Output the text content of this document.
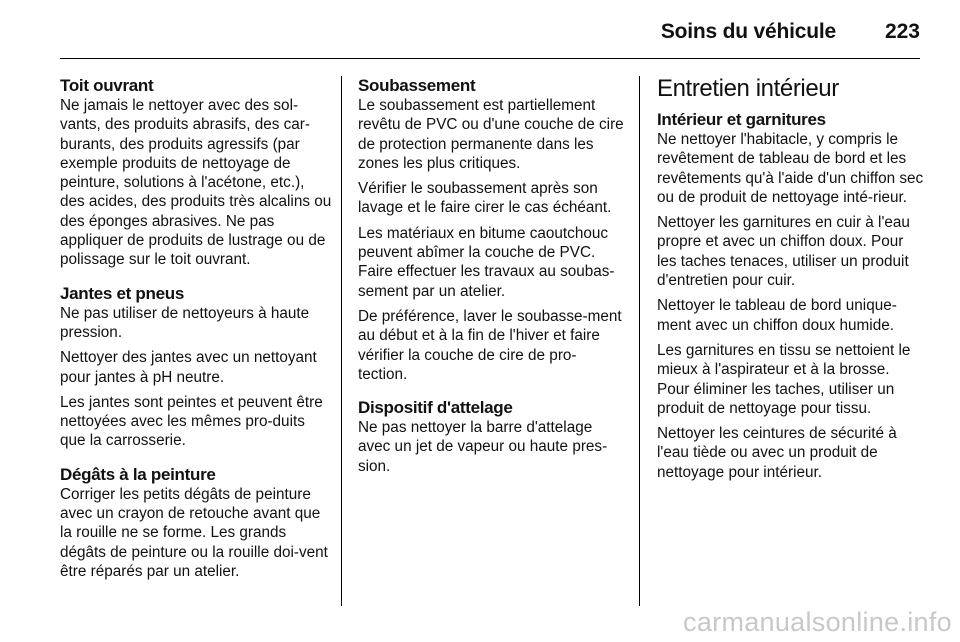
Soins du véhicule 223
Toit ouvrant

Ne jamais le nettoyer avec des sol-vants, des produits abrasifs, des car-burants, des produits agressifs (par exemple produits de nettoyage de peinture, solutions à l'acétone, etc.), des acides, des produits très alcalins ou des éponges abrasives. Ne pas appliquer de produits de lustrage ou de polissage sur le toit ouvrant.

Jantes et pneus

Ne pas utiliser de nettoyeurs à haute pression.

Nettoyer des jantes avec un nettoyant pour jantes à pH neutre.

Les jantes sont peintes et peuvent être nettoyées avec les mêmes pro-duits que la carrosserie.

Dégâts à la peinture

Corriger les petits dégâts de peinture avec un crayon de retouche avant que la rouille ne se forme. Les grands dégâts de peinture ou la rouille doi-vent être réparés par un atelier.

Soubassement

Le soubassement est partiellement revêtu de PVC ou d'une couche de cire de protection permanente dans les zones les plus critiques.

Vérifier le soubassement après son lavage et le faire cirer le cas échéant.

Les matériaux en bitume caoutchouc peuvent abîmer la couche de PVC. Faire effectuer les travaux au soubas-sement par un atelier.

De préférence, laver le soubasse-ment au début et à la fin de l'hiver et faire vérifier la couche de cire de pro-tection.

Dispositif d'attelage

Ne pas nettoyer la barre d'attelage avec un jet de vapeur ou haute pres-sion.

Entretien intérieur
Intérieur et garnitures

Ne nettoyer l'habitacle, y compris le revêtement de tableau de bord et les revêtements qu'à l'aide d'un chiffon sec ou de produit de nettoyage inté-rieur.

Nettoyer les garnitures en cuir à l'eau propre et avec un chiffon doux. Pour les taches tenaces, utiliser un produit d'entretien pour cuir.

Nettoyer le tableau de bord unique-ment avec un chiffon doux humide.

Les garnitures en tissu se nettoient le mieux à l'aspirateur et à la brosse. Pour éliminer les taches, utiliser un produit de nettoyage pour tissu.

Nettoyer les ceintures de sécurité à l'eau tiède ou avec un produit de nettoyage pour intérieur.

carmanualsonline.info
